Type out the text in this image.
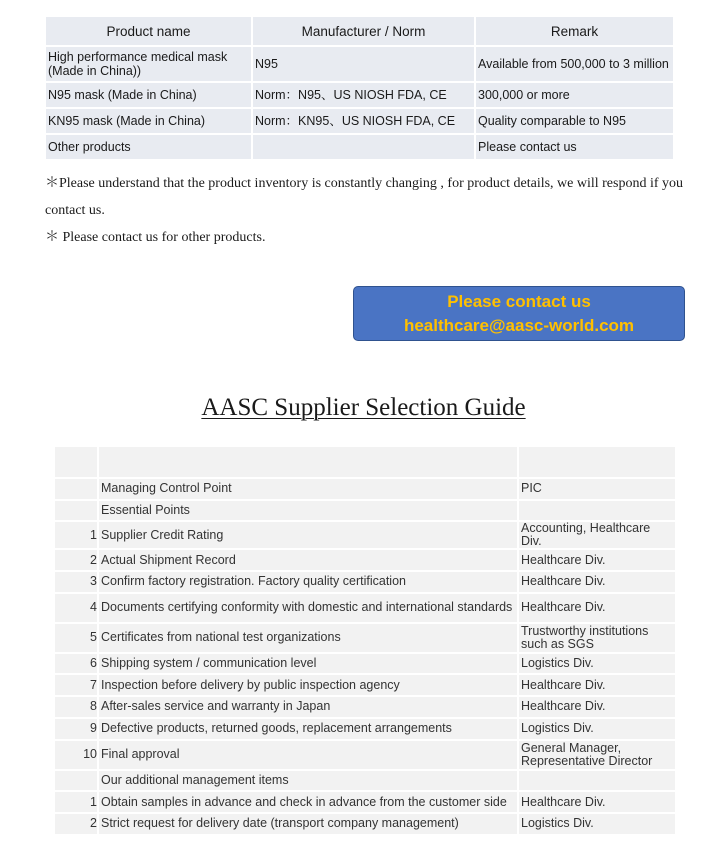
Product name	Manufacturer / Norm	Remark
High performance medical mask (Made in China))	N95	Available from 500,000 to 3 million
N95 mask (Made in China)	Norm：N95、US NIOSH FDA, CE	300,000 or more
KN95 mask (Made in China)	Norm：KN95、US NIOSH FDA, CE	Quality comparable to N95
Other products		Please contact us

＊Please understand that the product inventory is constantly changing , for product details, we will respond if you contact us.

＊ Please contact us for other products.

Please contact us
healthcare@aasc-world.com
AASC Supplier Selection Guide

	Managing Control Point	PIC
	Essential Points	
1	Supplier Credit Rating	Accounting, Healthcare Div.
2	Actual Shipment Record	Healthcare Div.
3	Confirm factory registration. Factory quality certification	Healthcare Div.
4	Documents certifying conformity with domestic and international standards	Healthcare Div.
5	Certificates from national test organizations	Trustworthy institutions such as SGS
6	Shipping system / communication level	Logistics Div.
7	Inspection before delivery by public inspection agency	Healthcare Div.
8	After-sales service and warranty in Japan	Healthcare Div.
9	Defective products, returned goods, replacement arrangements	Logistics Div.
10	Final approval	General Manager, Representative Director
	Our additional management items	
1	Obtain samples in advance and check in advance from the customer side	Healthcare Div.
2	Strict request for delivery date (transport company management)	Logistics Div.
